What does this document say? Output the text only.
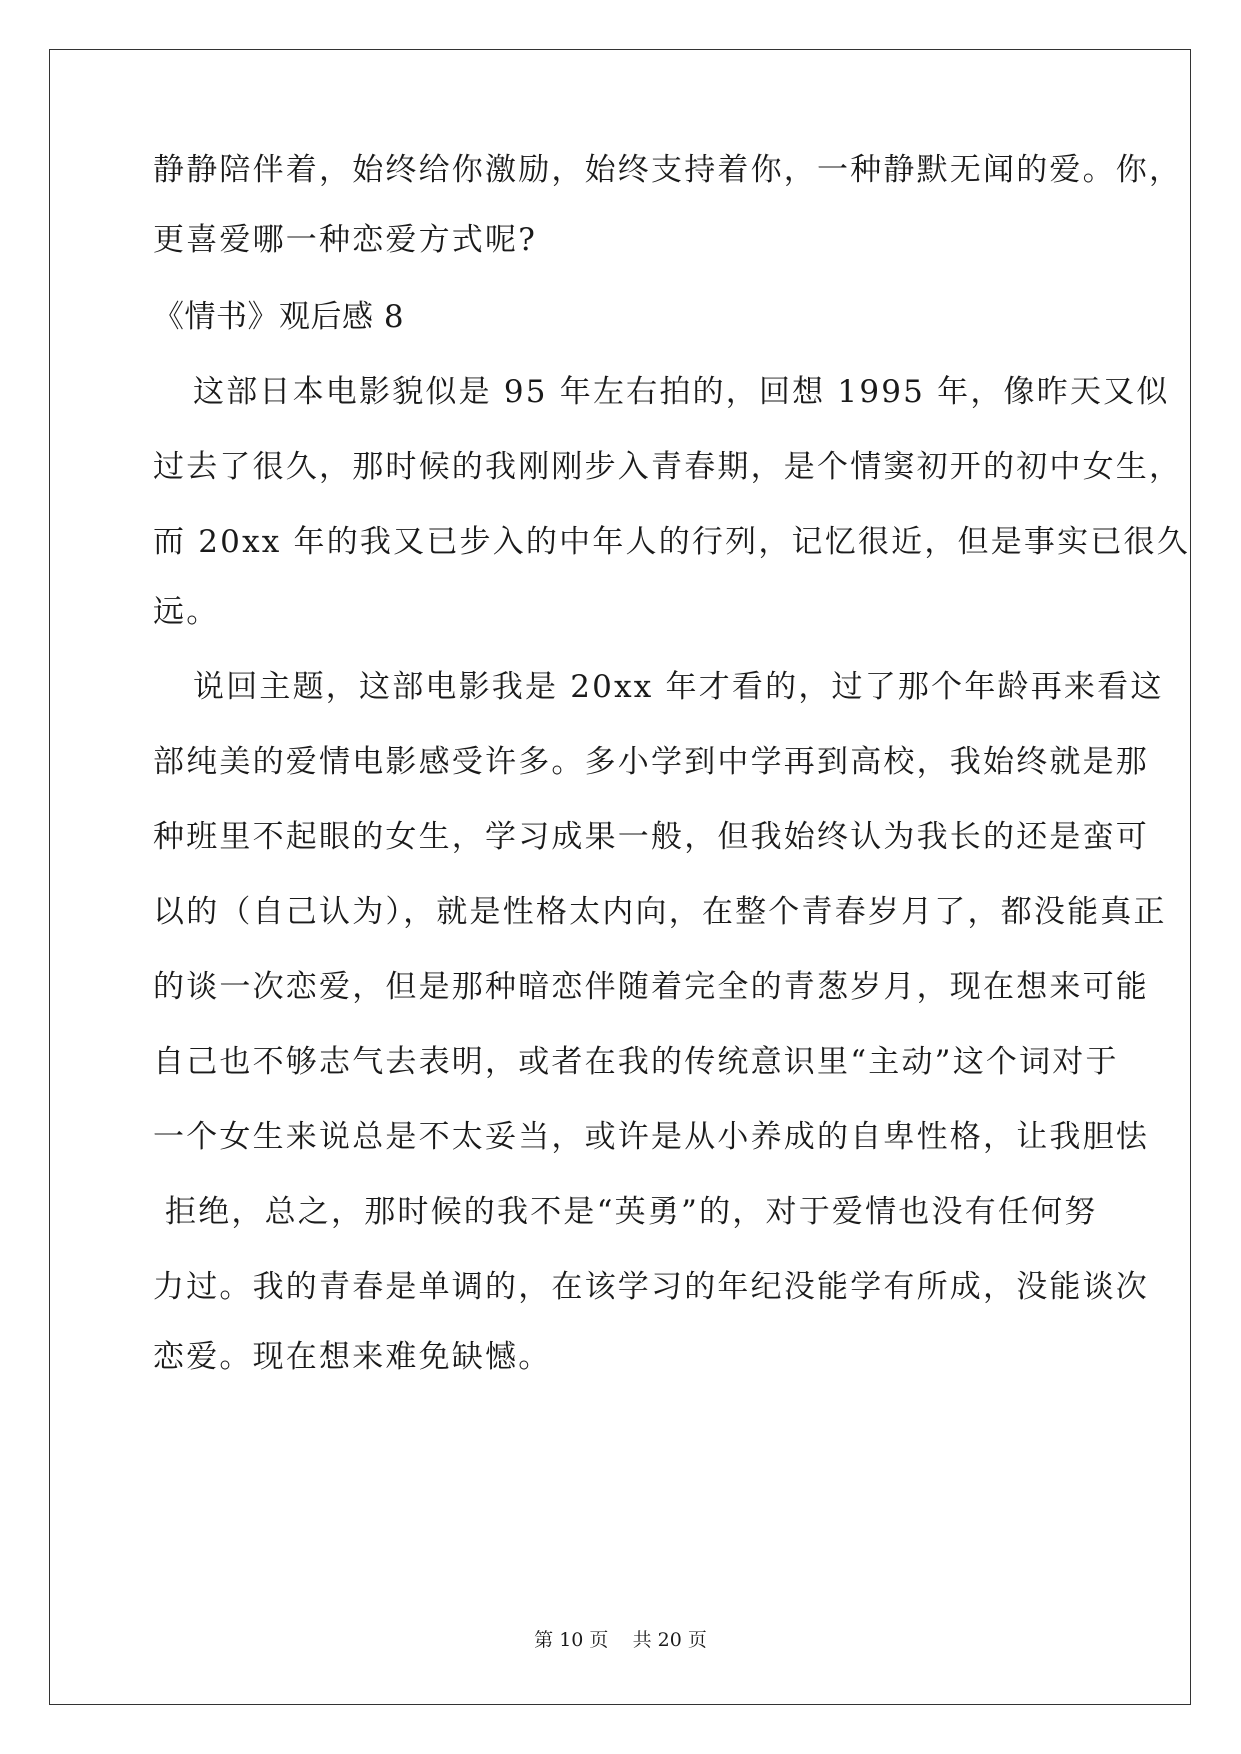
静静陪伴着，始终给你激励，始终支持着你，一种静默无闻的爱。你，
更喜爱哪一种恋爱方式呢?
《情书》观后感 8
这部日本电影貌似是 95 年左右拍的，回想 1995 年，像昨天又似
过去了很久，那时候的我刚刚步入青春期，是个情窦初开的初中女生，
而 20xx 年的我又已步入的中年人的行列，记忆很近，但是事实已很久
远。
说回主题，这部电影我是 20xx 年才看的，过了那个年龄再来看这
部纯美的爱情电影感受许多。多小学到中学再到高校，我始终就是那
种班里不起眼的女生，学习成果一般，但我始终认为我长的还是蛮可
以的（自己认为），就是性格太内向，在整个青春岁月了，都没能真正
的谈一次恋爱，但是那种暗恋伴随着完全的青葱岁月，现在想来可能
自己也不够志气去表明，或者在我的传统意识里“主动”这个词对于
一个女生来说总是不太妥当，或许是从小养成的自卑性格，让我胆怯
拒绝，总之，那时候的我不是“英勇”的，对于爱情也没有任何努
力过。我的青春是单调的，在该学习的年纪没能学有所成，没能谈次
恋爱。现在想来难免缺憾。
第 10 页    共 20 页
